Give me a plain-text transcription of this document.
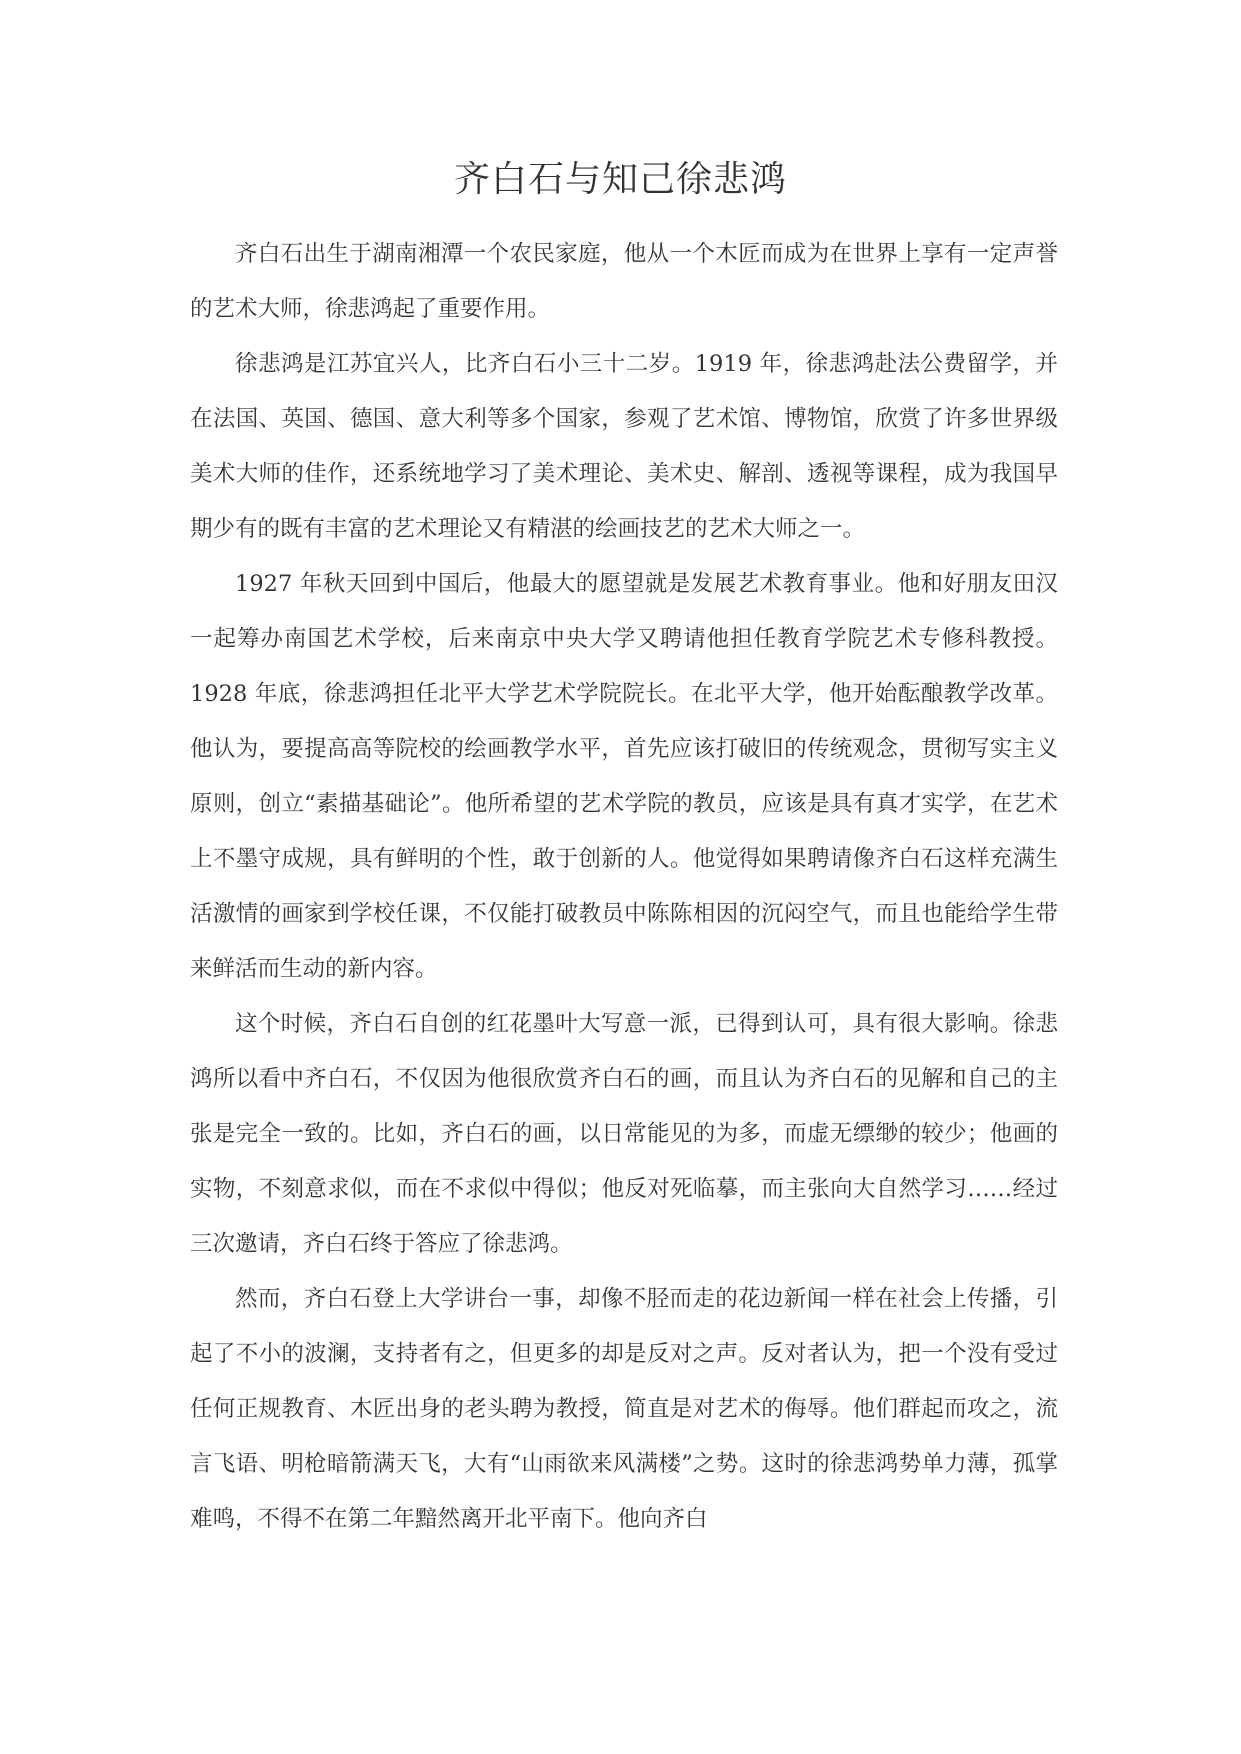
齐白石与知己徐悲鸿

齐白石出生于湖南湘潭一个农民家庭，他从一个木匠而成为在世界上享有一定声誉的艺术大师，徐悲鸿起了重要作用。

徐悲鸿是江苏宜兴人，比齐白石小三十二岁。1919 年，徐悲鸿赴法公费留学，并在法国、英国、德国、意大利等多个国家，参观了艺术馆、博物馆，欣赏了许多世界级美术大师的佳作，还系统地学习了美术理论、美术史、解剖、透视等课程，成为我国早期少有的既有丰富的艺术理论又有精湛的绘画技艺的艺术大师之一。

1927 年秋天回到中国后，他最大的愿望就是发展艺术教育事业。他和好朋友田汉一起筹办南国艺术学校，后来南京中央大学又聘请他担任教育学院艺术专修科教授。1928 年底，徐悲鸿担任北平大学艺术学院院长。在北平大学，他开始酝酿教学改革。他认为，要提高高等院校的绘画教学水平，首先应该打破旧的传统观念，贯彻写实主义原则，创立“素描基础论”。他所希望的艺术学院的教员，应该是具有真才实学，在艺术上不墨守成规，具有鲜明的个性，敢于创新的人。他觉得如果聘请像齐白石这样充满生活激情的画家到学校任课，不仅能打破教员中陈陈相因的沉闷空气，而且也能给学生带来鲜活而生动的新内容。

这个时候，齐白石自创的红花墨叶大写意一派，已得到认可，具有很大影响。徐悲鸿所以看中齐白石，不仅因为他很欣赏齐白石的画，而且认为齐白石的见解和自己的主张是完全一致的。比如，齐白石的画，以日常能见的为多，而虚无缥缈的较少；他画的实物，不刻意求似，而在不求似中得似；他反对死临摹，而主张向大自然学习……经过三次邀请，齐白石终于答应了徐悲鸿。

然而，齐白石登上大学讲台一事，却像不胫而走的花边新闻一样在社会上传播，引起了不小的波澜，支持者有之，但更多的却是反对之声。反对者认为，把一个没有受过任何正规教育、木匠出身的老头聘为教授，简直是对艺术的侮辱。他们群起而攻之，流言飞语、明枪暗箭满天飞，大有“山雨欲来风满楼”之势。这时的徐悲鸿势单力薄，孤掌难鸣，不得不在第二年黯然离开北平南下。他向齐白
